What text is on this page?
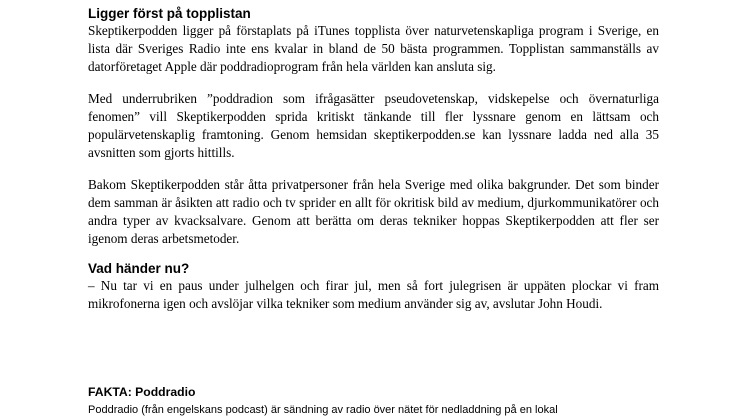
Ligger först på topplistan

Skeptikerpodden ligger på förstaplats på iTunes topplista över naturvetenskapliga program i Sverige, en lista där Sveriges Radio inte ens kvalar in bland de 50 bästa programmen. Topplistan sammanställs av datorföretaget Apple där poddradioprogram från hela världen kan ansluta sig.

Med underrubriken ”poddradion som ifrågasätter pseudovetenskap, vidskepelse och övernaturliga fenomen” vill Skeptikerpodden sprida kritiskt tänkande till fler lyssnare genom en lättsam och populärvetenskaplig framtoning. Genom hemsidan skeptikerpodden.se kan lyssnare ladda ned alla 35 avsnitten som gjorts hittills.

Bakom Skeptikerpodden står åtta privatpersoner från hela Sverige med olika bakgrunder. Det som binder dem samman är åsikten att radio och tv sprider en allt för okritisk bild av medium, djurkommunikatörer och andra typer av kvacksalvare. Genom att berätta om deras tekniker hoppas Skeptikerpodden att fler ser igenom deras arbetsmetoder.

Vad händer nu?

– Nu tar vi en paus under julhelgen och firar jul, men så fort julegrisen är uppäten plockar vi fram mikrofonerna igen och avslöjar vilka tekniker som medium använder sig av, avslutar John Houdi.

FAKTA: Poddradio

Poddradio (från engelskans podcast) är sändning av radio över nätet för nedladdning på en lokal
